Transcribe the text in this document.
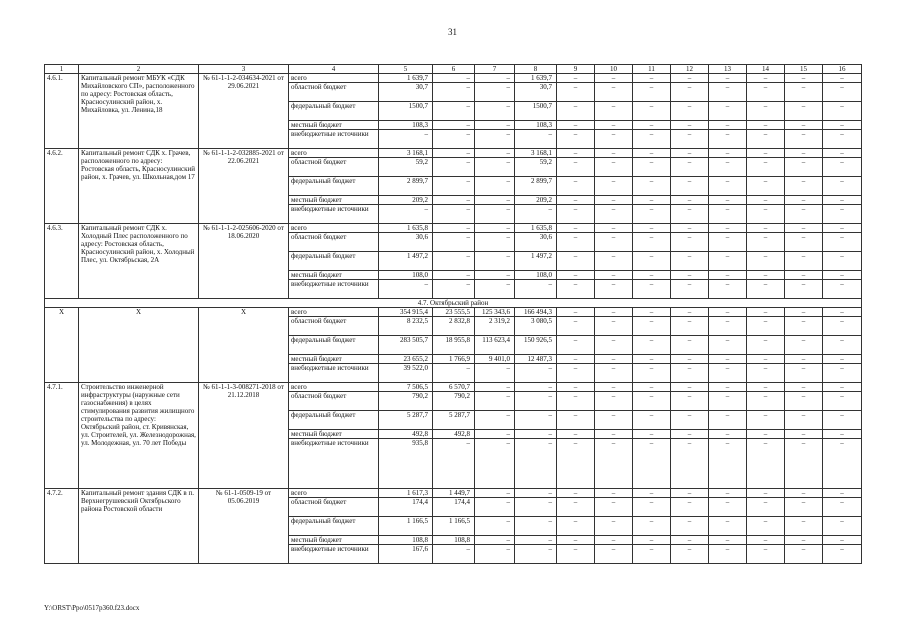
31
1	2	3	4	5	6	7	8	9	10	11	12	13	14	15	16
4.6.1.	Капитальный ремонт МБУК «СДК Михайловского СП», расположенного по адресу: Ростовская область, Красносулинский район, х. Михайловка, ул. Ленина,18	№ 61-1-1-2-034634-2021 от 29.06.2021	всего	1 639,7	–	–	1 639,7	–	–	–	–	–	–	–	–
			областной бюджет	30,7	–	–	30,7	–	–	–	–	–	–	–	–
			федеральный бюджет	1500,7	–	–	1500,7	–	–	–	–	–	–	–	–
			местный бюджет	108,3	–	–	108,3	–	–	–	–	–	–	–	–
			внебюджетные источники	–	–	–	–	–	–	–	–	–	–	–	–
4.6.2.	Капитальный ремонт СДК х. Грачев, расположенного по адресу: Ростовская область, Красносулинский район, х. Грачев, ул. Школьная,дом 17	№ 61-1-1-2-032885-2021 от 22.06.2021	всего	3 168,1	–	–	3 168,1	–	–	–	–	–	–	–	–
			областной бюджет	59,2	–	–	59,2	–	–	–	–	–	–	–	–
			федеральный бюджет	2 899,7	–	–	2 899,7	–	–	–	–	–	–	–	–
			местный бюджет	209,2	–	–	209,2	–	–	–	–	–	–	–	–
			внебюджетные источники	–	–	–	–	–	–	–	–	–	–	–	–
4.6.3.	Капитальный ремонт СДК х. Холодный Плес расположенного по адресу: Ростовская область, Красносулинский район, х. Холодный Плес, ул. Октябрьская, 2А	№ 61-1-1-2-025606-2020 от 18.06.2020	всего	1 635,8	–	–	1 635,8	–	–	–	–	–	–	–	–
			областной бюджет	30,6	–	–	30,6	–	–	–	–	–	–	–	–
			федеральный бюджет	1 497,2	–	–	1 497,2	–	–	–	–	–	–	–	–
			местный бюджет	108,0	–	–	108,0	–	–	–	–	–	–	–	–
			внебюджетные источники	–	–	–	–	–	–	–	–	–	–	–	–
4.7. Октябрьский район															
X	X	X	всего	354 915,4	23 555,5	125 343,6	166 494,3	–	–	–	–	–	–	–	–
			областной бюджет	8 232,5	2 832,8	2 319,2	3 080,5	–	–	–	–	–	–	–	–
			федеральный бюджет	283 505,7	18 955,8	113 623,4	150 926,5	–	–	–	–	–	–	–	–
			местный бюджет	23 655,2	1 766,9	9 401,0	12 487,3	–	–	–	–	–	–	–	–
			внебюджетные источники	39 522,0	–	–	–	–	–	–	–	–	–	–	–
4.7.1.	Строительство инженерной инфраструктуры (наружные сети газоснабжения) в целях стимулирования развития жилищного строительства по адресу: Октябрьский район, ст. Кривянская, ул. Строителей, ул. Железнодорожная, ул. Молодежная, ул. 70 лет Победы	№ 61-1-1-3-008271-2018 от 21.12.2018	всего	7 506,5	6 570,7	–	–	–	–	–	–	–	–	–	–
			областной бюджет	790,2	790,2	–	–	–	–	–	–	–	–	–	–
			федеральный бюджет	5 287,7	5 287,7	–	–	–	–	–	–	–	–	–	–
			местный бюджет	492,8	492,8	–	–	–	–	–	–	–	–	–	–
			внебюджетные источники	935,8	–	–	–	–	–	–	–	–	–	–	–
4.7.2.	Капитальный ремонт здания СДК в п. Верхнегрушевский Октябрьского района Ростовской области	№ 61-1-0509-19 от 05.06.2019	всего	1 617,3	1 449,7	–	–	–	–	–	–	–	–	–	–
			областной бюджет	174,4	174,4	–	–	–	–	–	–	–	–	–	–
			федеральный бюджет	1 166,5	1 166,5	–	–	–	–	–	–	–	–	–	–
			местный бюджет	108,8	108,8	–	–	–	–	–	–	–	–	–	–
			внебюджетные источники	167,6	–	–	–	–	–	–	–	–	–	–	–
Y:\ORST\Ppo\0517p360.f23.docx
